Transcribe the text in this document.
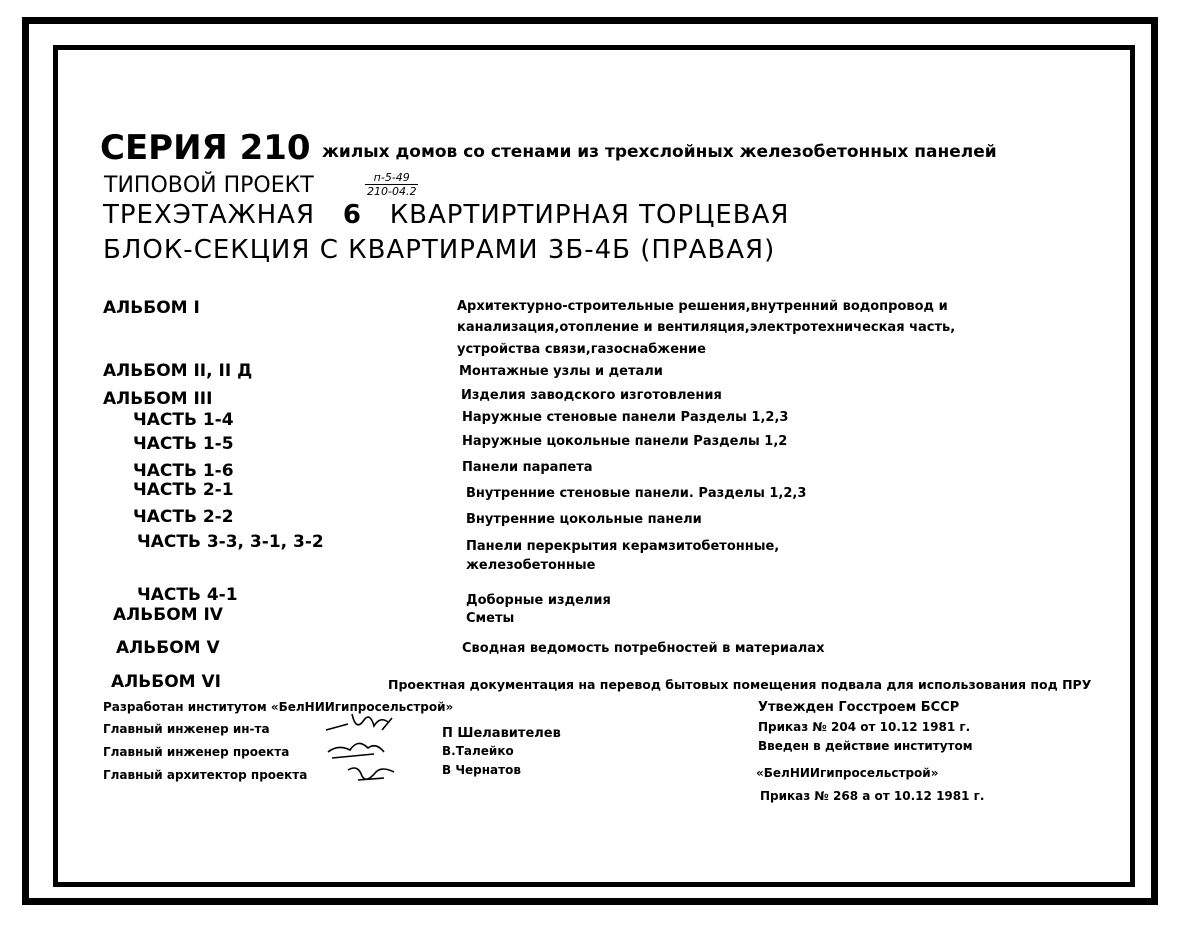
СЕРИЯ 210 жилых домов со стенами из трехслойных железобетонных панелей
ТИПОВОЙ ПРОЕКТ	п-5-49
210-04.2
ТРЕХЭТАЖНАЯ 6 КВАРТИРТИРНАЯ ТОРЦЕВАЯ
БЛОК-СЕКЦИЯ С КВАРТИРАМИ 3Б-4Б (ПРАВАЯ)
АЛЬБОМ I	Архитектурно-строительные решения,внутренний водопровод и
канализация,отопление и вентиляция,электротехническая часть,
устройства связи,газоснабжение
АЛЬБОМ II, II Д	Монтажные узлы и детали
АЛЬБОМ III	Изделия заводского изготовления
ЧАСТЬ 1-4	Наружные стеновые панели Разделы 1,2,3
ЧАСТЬ 1-5	Наружные цокольные панели Разделы 1,2
ЧАСТЬ 1-6	Панели парапета
ЧАСТЬ 2-1	Внутренние стеновые панели. Разделы 1,2,3
ЧАСТЬ 2-2	Внутренние цокольные панели
ЧАСТЬ 3-3, 3-1, 3-2	Панели перекрытия керамзитобетонные,
железобетонные
ЧАСТЬ 4-1	Доборные изделия
АЛЬБОМ IV	Сметы
АЛЬБОМ V	Сводная ведомость потребностей в материалах
АЛЬБОМ VI	Проектная документация на перевод бытовых помещения подвала для использования под ПРУ
Разработан институтом «БелНИИгипросельстрой»
Главный инженер ин-та
Главный инженер проекта
Главный архитектор проекта
П Шелавителев
В.Талейко
В Чернатов
Утвежден Госстроем БССР
Приказ № 204 от 10.12 1981 г.
Введен в действие институтом
«БелНИИгипросельстрой»
Приказ № 268 а от 10.12 1981 г.
